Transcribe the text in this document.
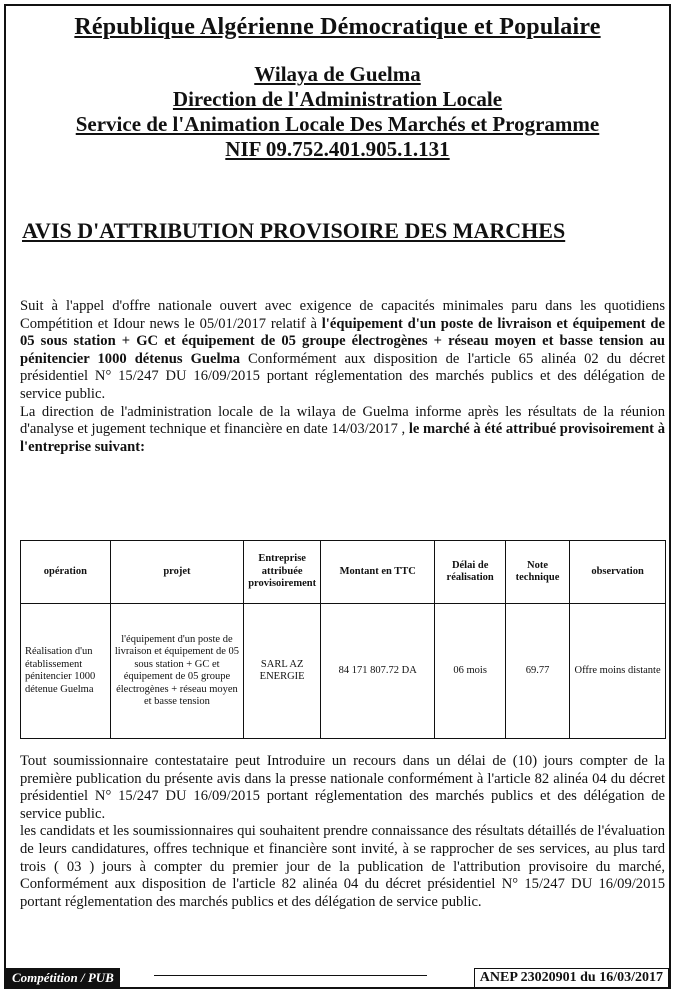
République Algérienne Démocratique et Populaire
Wilaya de Guelma
Direction de l'Administration Locale
Service de l'Animation Locale Des Marchés et Programme
NIF 09.752.401.905.1.131
AVIS D'ATTRIBUTION PROVISOIRE DES MARCHES

Suit à l'appel d'offre nationale ouvert avec exigence de capacités minimales paru dans les quotidiens Compétition et Idour news le 05/01/2017 relatif à l'équipement d'un poste de livraison et équipement de 05 sous station + GC et équipement de 05 groupe électrogènes + réseau moyen et basse tension au pénitencier 1000 détenus Guelma Conformément aux disposition de l'article 65 alinéa 02 du décret présidentiel N° 15/247 DU 16/09/2015 portant réglementation des marchés publics et des délégation de service public.

La direction de l'administration locale de la wilaya de Guelma informe après les résultats de la réunion d'analyse et jugement technique et financière en date 14/03/2017 , le marché à été attribué provisoirement à l'entreprise suivant:

opération	projet	Entreprise attribuée provisoirement	Montant en TTC	Délai de réalisation	Note technique	observation
Réalisation d'un établissement pénitencier 1000 détenue Guelma	l'équipement d'un poste de livraison et équipement de 05 sous station + GC et équipement de 05 groupe électrogènes + réseau moyen et basse tension	SARL AZ ENERGIE	84 171 807.72 DA	06 mois	69.77	Offre moins distante

Tout soumissionnaire contestataire peut Introduire un recours dans un délai de (10) jours compter de la première publication du présente avis dans la presse nationale conformément à l'article 82 alinéa 04 du décret présidentiel N° 15/247 DU 16/09/2015 portant réglementation des marchés publics et des délégation de service public.

les candidats et les soumissionnaires qui souhaitent prendre connaissance des résultats détaillés de l'évaluation de leurs candidatures, offres technique et financière sont invité, à se rapprocher de ses services, au plus tard trois ( 03 ) jours à compter du premier jour de la publication de l'attribution provisoire du marché, Conformément aux disposition de l'article 82 alinéa 04 du décret présidentiel N° 15/247 DU 16/09/2015 portant réglementation des marchés publics et des délégation de service public.

Compétition / PUB	ANEP 23020901 du 16/03/2017
